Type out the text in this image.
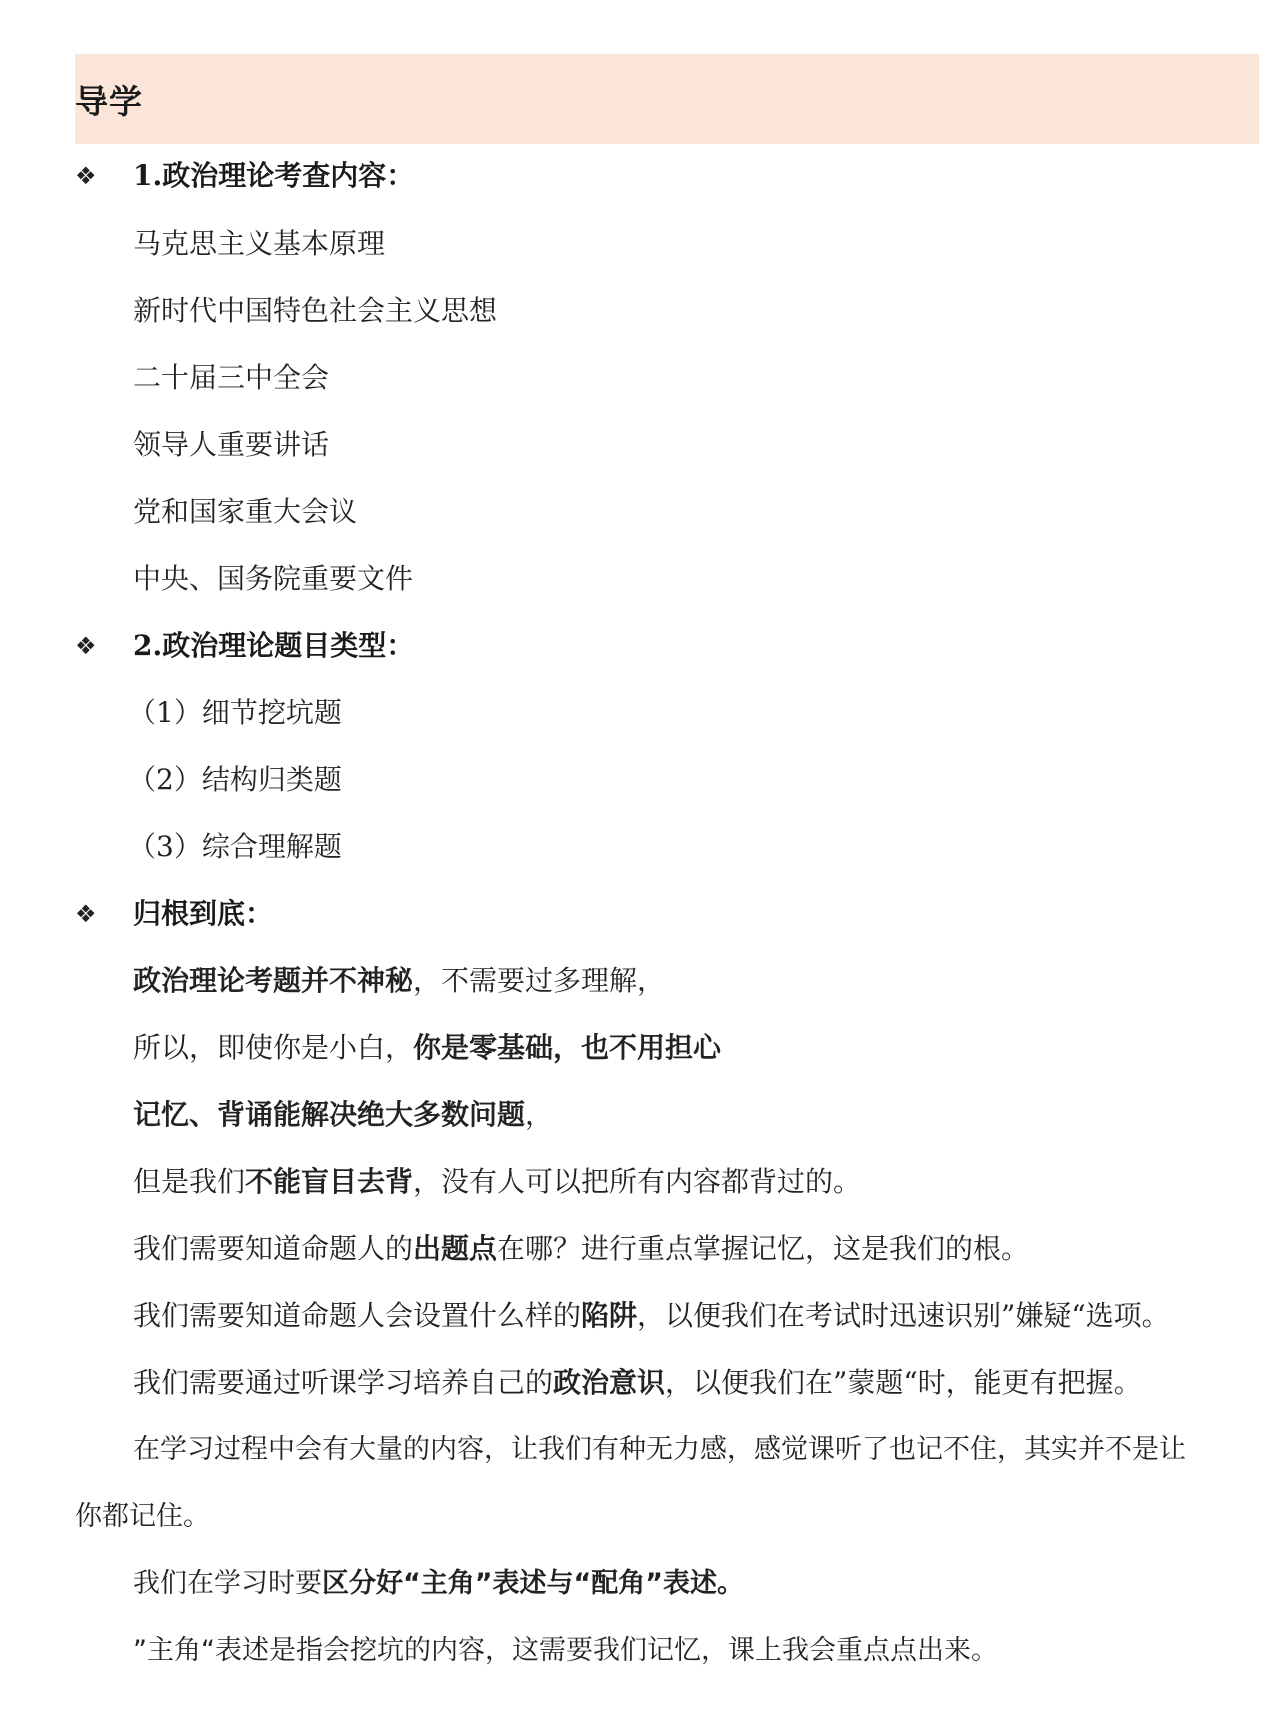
导学
❖ 1.政治理论考查内容：
马克思主义基本原理
新时代中国特色社会主义思想
二十届三中全会
领导人重要讲话
党和国家重大会议
中央、国务院重要文件
❖ 2.政治理论题目类型：
（1）细节挖坑题
（2）结构归类题
（3）综合理解题
❖ 归根到底：
政治理论考题并不神秘，不需要过多理解，
所以，即使你是小白，你是零基础，也不用担心
记忆、背诵能解决绝大多数问题，
但是我们不能盲目去背，没有人可以把所有内容都背过的。
我们需要知道命题人的出题点在哪？进行重点掌握记忆，这是我们的根。
我们需要知道命题人会设置什么样的陷阱，以便我们在考试时迅速识别”嫌疑“选项。
我们需要通过听课学习培养自己的政治意识，以便我们在”蒙题“时，能更有把握。
在学习过程中会有大量的内容，让我们有种无力感，感觉课听了也记不住，其实并不是让
你都记住。
我们在学习时要区分好“主角”表述与“配角”表述。
”主角“表述是指会挖坑的内容，这需要我们记忆，课上我会重点点出来。
